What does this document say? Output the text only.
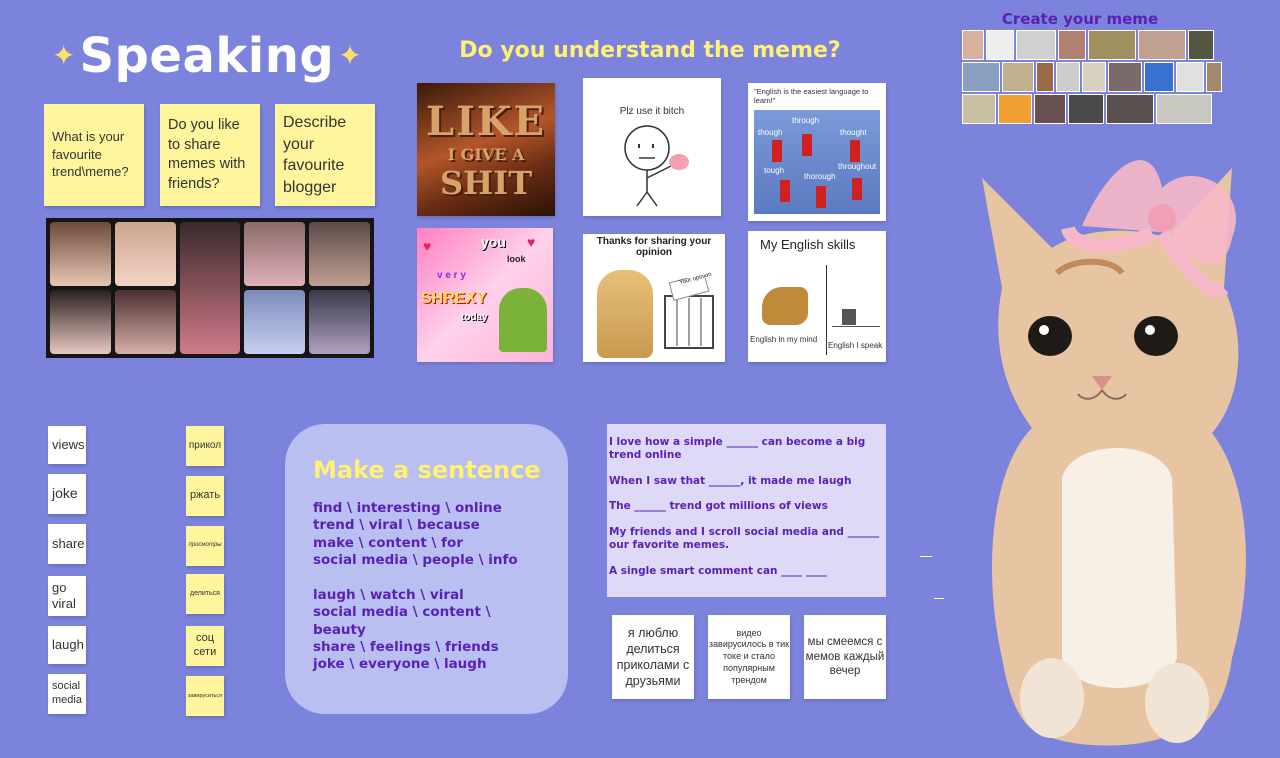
✦ Speaking ✦
What is your favourite trend\meme?
Do you like to share memes with friends?
Describe your favourite blogger
Do you understand the meme?
LIKE
I GIVE A
SHIT
Plz use it bitch
"English is the easiest language to learn!"
though
through
thought
tough
thorough
throughout
you
look
v e r y
SHREXY
today
♥	♥	Thanks for sharing your opinion
Your opinion
My English skills
English in my mind
English I speak
Create your meme
views
joke
share
go viral
laugh
social media
прикол
ржать
просмотры
делиться
соц сети
завируситься
Make a sentence
find \ interesting \ online
trend \ viral \ because
make \ content \ for
social media \ people \ info
laugh \ watch \ viral
social media \ content \ beauty
share \ feelings \ friends
joke \ everyone \ laugh

I love how a simple ______ can become a big trend online

When I saw that ______, it made me laugh

The ______ trend got millions of views

My friends and I scroll social media and ______ our favorite memes.

A single smart comment can ____ ____

я люблю делиться приколами с друзьями
видео завирусилось в тик токе и стало популярным трендом
мы смеемся с мемов каждый вечер
